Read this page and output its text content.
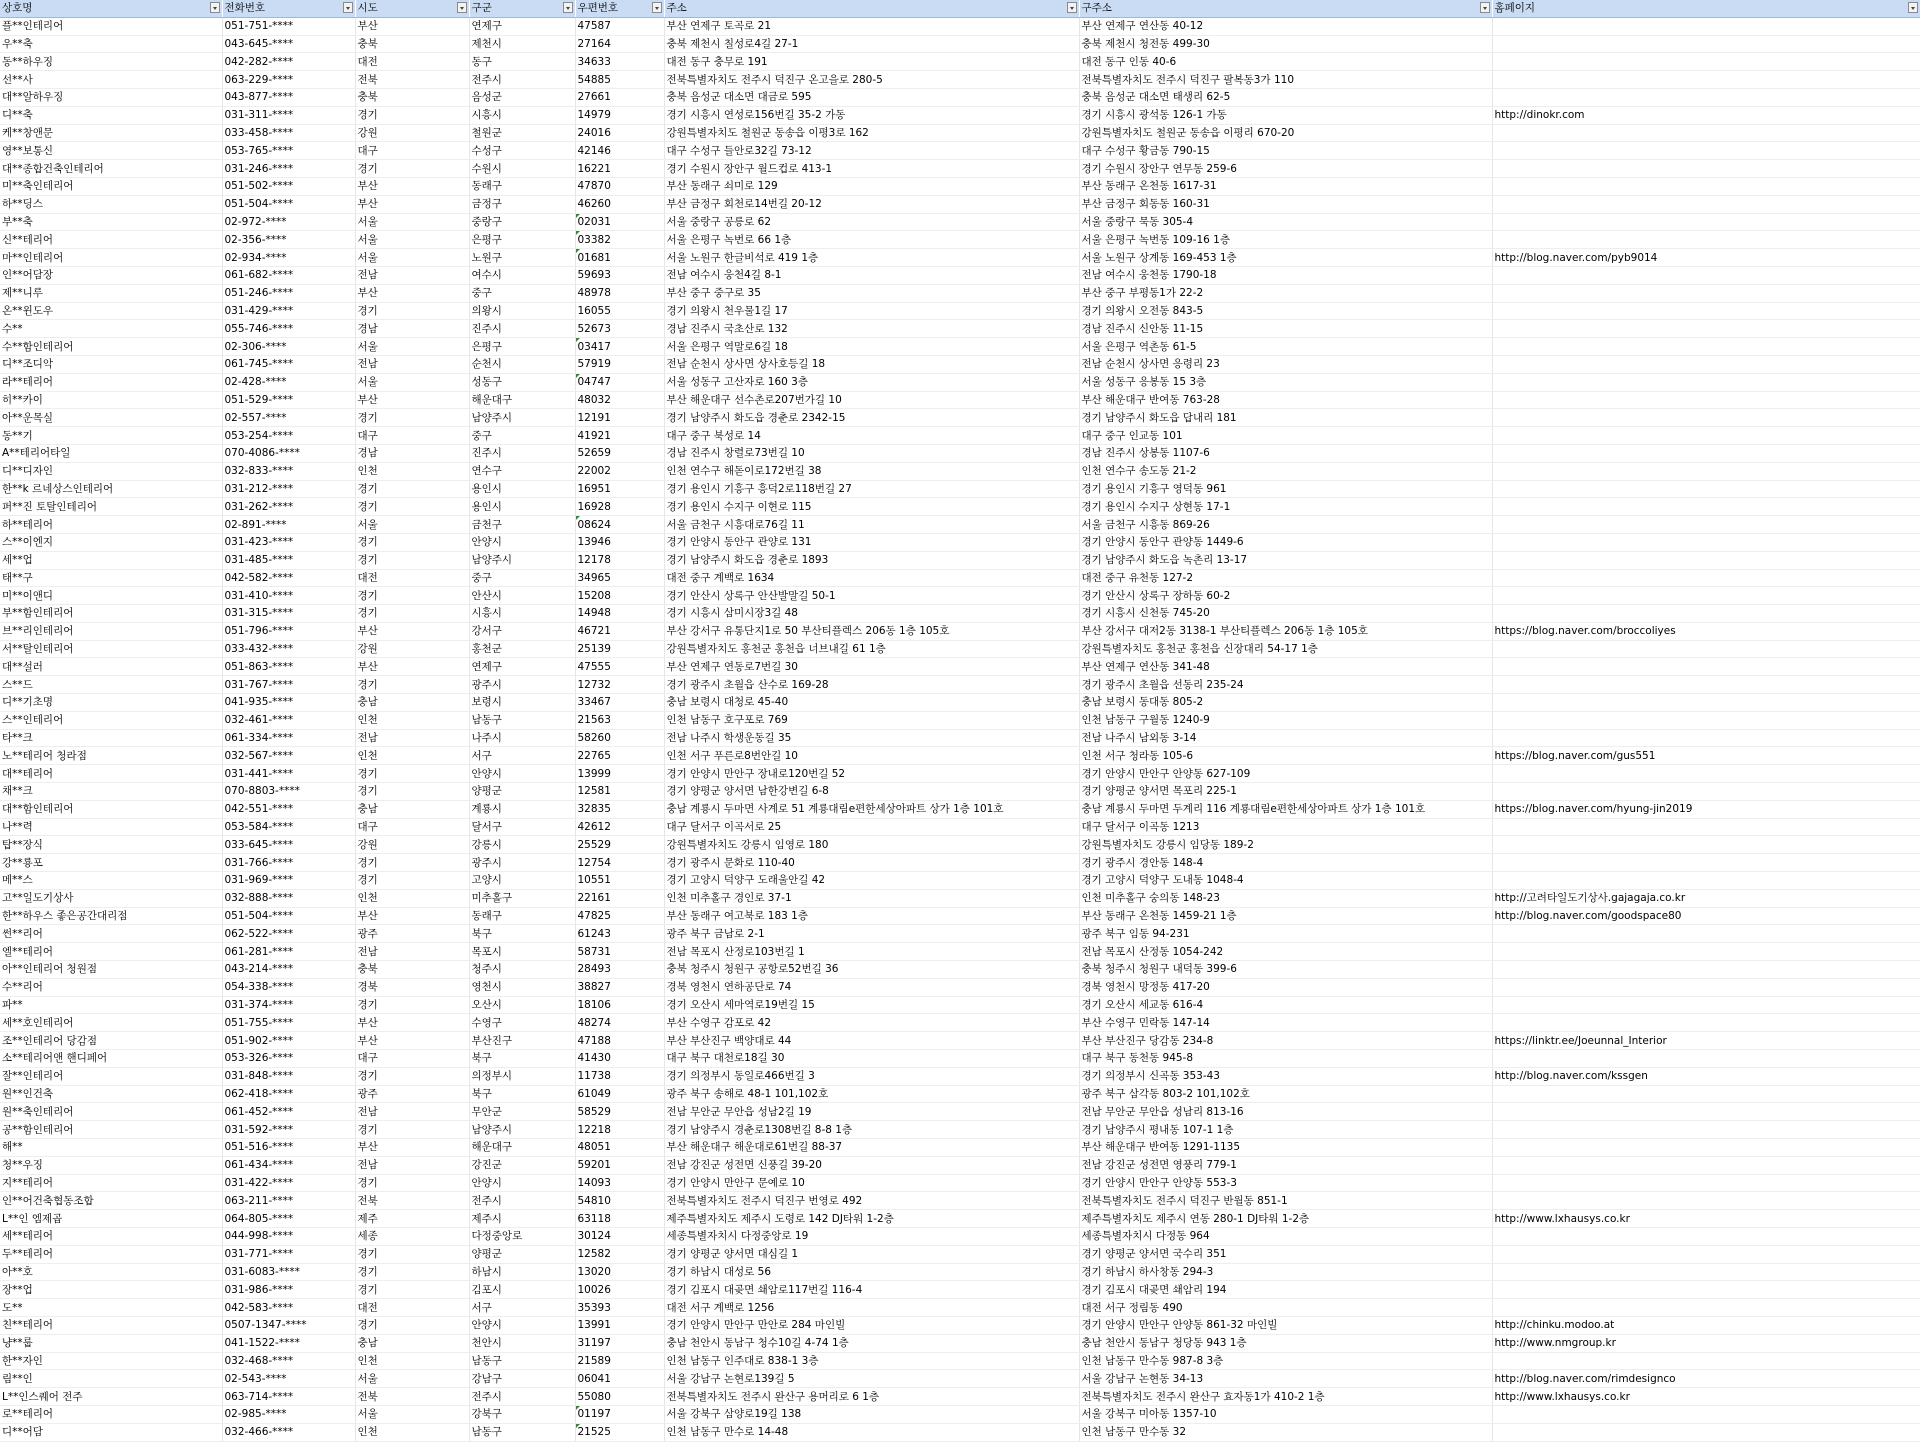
상호명	전화번호	시도	구군	우편번호	주소	구주소	홈페이지

플**인테리어	051-751-****	부산	연제구	47587	부산 연제구 토곡로 21	부산 연제구 연산동 40-12	
우**축	043-645-****	충북	제천시	27164	충북 제천시 칠성로4길 27-1	충북 제천시 청전동 499-30	
동**하우징	042-282-****	대전	동구	34633	대전 동구 충무로 191	대전 동구 인동 40-6	
선**사	063-229-****	전북	전주시	54885	전북특별자치도 전주시 덕진구 온고을로 280-5	전북특별자치도 전주시 덕진구 팔복동3가 110	
대**알하우징	043-877-****	충북	음성군	27661	충북 음성군 대소면 대금로 595	충북 음성군 대소면 태생리 62-5	
디**축	031-311-****	경기	시흥시	14979	경기 시흥시 연성로156번길 35-2 가동	경기 시흥시 광석동 126-1 가동	http://dinokr.com
케**창앤문	033-458-****	강원	철원군	24016	강원특별자치도 철원군 동송읍 이평3로 162	강원특별자치도 철원군 동송읍 이평리 670-20	
영**보통신	053-765-****	대구	수성구	42146	대구 수성구 들안로32길 73-12	대구 수성구 황금동 790-15	
대**종합건축인테리어	031-246-****	경기	수원시	16221	경기 수원시 장안구 월드컵로 413-1	경기 수원시 장안구 연무동 259-6	
미**축인테리어	051-502-****	부산	동래구	47870	부산 동래구 쇠미로 129	부산 동래구 온천동 1617-31	
하**딩스	051-504-****	부산	금정구	46260	부산 금정구 회천로14번길 20-12	부산 금정구 회동동 160-31	
부**축	02-972-****	서울	중랑구	02031	서울 중랑구 공릉로 62	서울 중랑구 묵동 305-4	
신**테리어	02-356-****	서울	은평구	03382	서울 은평구 녹번로 66 1층	서울 은평구 녹번동 109-16 1층	
마**인테리어	02-934-****	서울	노원구	01681	서울 노원구 한글비석로 419 1층	서울 노원구 상계동 169-453 1층	http://blog.naver.com/pyb9014
인**어담장	061-682-****	전남	여수시	59693	전남 여수시 웅천4길 8-1	전남 여수시 웅천동 1790-18	
제**니루	051-246-****	부산	중구	48978	부산 중구 중구로 35	부산 중구 부평동1가 22-2	
온**윈도우	031-429-****	경기	의왕시	16055	경기 의왕시 천우물1길 17	경기 의왕시 오전동 843-5	
수**	055-746-****	경남	진주시	52673	경남 진주시 국초산로 132	경남 진주시 신안동 11-15	
수**함인테리어	02-306-****	서울	은평구	03417	서울 은평구 역말로6길 18	서울 은평구 역촌동 61-5	
디**조디악	061-745-****	전남	순천시	57919	전남 순천시 상사면 상사호등길 18	전남 순천시 상사면 응령리 23	
라**테리어	02-428-****	서울	성동구	04747	서울 성동구 고산자로 160 3층	서울 성동구 응봉동 15 3층	
히**카이	051-529-****	부산	해운대구	48032	부산 해운대구 선수촌로207번가길 10	부산 해운대구 반여동 763-28	
아**운목실	02-557-****	경기	남양주시	12191	경기 남양주시 화도읍 경춘로 2342-15	경기 남양주시 화도읍 답내리 181	
동**기	053-254-****	대구	중구	41921	대구 중구 북성로 14	대구 중구 인교동 101	
A**테리어타일	070-4086-****	경남	진주시	52659	경남 진주시 창렬로73번길 10	경남 진주시 상봉동 1107-6	
디**디자인	032-833-****	인천	연수구	22002	인천 연수구 해돋이로172번길 38	인천 연수구 송도동 21-2	
한**k 르네상스인테리어	031-212-****	경기	용인시	16951	경기 용인시 기흥구 흥덕2로118번길 27	경기 용인시 기흥구 영덕동 961	
퍼**진 토탈인테리어	031-262-****	경기	용인시	16928	경기 용인시 수지구 이현로 115	경기 용인시 수지구 상현동 17-1	
하**테리어	02-891-****	서울	금천구	08624	서울 금천구 시흥대로76길 11	서울 금천구 시흥동 869-26	
스**이엔지	031-423-****	경기	안양시	13946	경기 안양시 동안구 관양로 131	경기 안양시 동안구 관양동 1449-6	
세**업	031-485-****	경기	남양주시	12178	경기 남양주시 화도읍 경춘로 1893	경기 남양주시 화도읍 녹촌리 13-17	
태**구	042-582-****	대전	중구	34965	대전 중구 계백로 1634	대전 중구 유천동 127-2	
미**이앤디	031-410-****	경기	안산시	15208	경기 안산시 상록구 안산발말길 50-1	경기 안산시 상록구 장하동 60-2	
부**함인테리어	031-315-****	경기	시흥시	14948	경기 시흥시 삼미시장3길 48	경기 시흥시 신천동 745-20	
브**리인테리어	051-796-****	부산	강서구	46721	부산 강서구 유통단지1로 50 부산티플렉스 206동 1층 105호	부산 강서구 대저2동 3138-1 부산티플렉스 206동 1층 105호	https://blog.naver.com/broccoliyes
서**탈인테리어	033-432-****	강원	홍천군	25139	강원특별자치도 홍천군 홍천읍 너브내길 61 1층	강원특별자치도 홍천군 홍천읍 신장대리 54-17 1층	
대**설러	051-863-****	부산	연제구	47555	부산 연제구 연동로7번길 30	부산 연제구 연산동 341-48	
스**드	031-767-****	경기	광주시	12732	경기 광주시 초월읍 산수로 169-28	경기 광주시 초월읍 선동리 235-24	
디**기초명	041-935-****	충남	보령시	33467	충남 보령시 대청로 45-40	충남 보령시 동대동 805-2	
스**인테리어	032-461-****	인천	남동구	21563	인천 남동구 호구포로 769	인천 남동구 구월동 1240-9	
타**크	061-334-****	전남	나주시	58260	전남 나주시 학생운동길 35	전남 나주시 남외동 3-14	
노**테리어 청라점	032-567-****	인천	서구	22765	인천 서구 푸른로8번안길 10	인천 서구 청라동 105-6	https://blog.naver.com/gus551
대**테리어	031-441-****	경기	안양시	13999	경기 안양시 만안구 장내로120번길 52	경기 안양시 만안구 안양동 627-109	
채**크	070-8803-****	경기	양평군	12581	경기 양평군 양서면 남한강변길 6-8	경기 양평군 양서면 목포리 225-1	
대**함인테리어	042-551-****	충남	계룡시	32835	충남 계룡시 두마면 사계로 51 계룡대림e편한세상아파트 상가 1층 101호	충남 계룡시 두마면 두계리 116 계룡대림e편한세상아파트 상가 1층 101호	https://blog.naver.com/hyung-jin2019
나**력	053-584-****	대구	달서구	42612	대구 달서구 이곡서로 25	대구 달서구 이곡동 1213	
탑**장식	033-645-****	강원	강릉시	25529	강원특별자치도 강릉시 임영로 180	강원특별자치도 강릉시 임당동 189-2	
강**룡포	031-766-****	경기	광주시	12754	경기 광주시 문화로 110-40	경기 광주시 경안동 148-4	
메**스	031-969-****	경기	고양시	10551	경기 고양시 덕양구 도래울안길 42	경기 고양시 덕양구 도내동 1048-4	
고**일도기상사	032-888-****	인천	미추홀구	22161	인천 미추홀구 경인로 37-1	인천 미추홀구 숭의동 148-23	http://고려타일도기상사.gajagaja.co.kr
한**하우스 좋은공간대리점	051-504-****	부산	동래구	47825	부산 동래구 여고북로 183 1층	부산 동래구 온천동 1459-21 1층	http://blog.naver.com/goodspace80
썬**리어	062-522-****	광주	북구	61243	광주 북구 금남로 2-1	광주 북구 임동 94-231	
엘**테리어	061-281-****	전남	목포시	58731	전남 목포시 산정로103번길 1	전남 목포시 산정동 1054-242	
아**인테리어 청원점	043-214-****	충북	청주시	28493	충북 청주시 청원구 공항로52번길 36	충북 청주시 청원구 내덕동 399-6	
수**리어	054-338-****	경북	영천시	38827	경북 영천시 연하공단로 74	경북 영천시 망정동 417-20	
파**	031-374-****	경기	오산시	18106	경기 오산시 세마역로19번길 15	경기 오산시 세교동 616-4	
세**호인테리어	051-755-****	부산	수영구	48274	부산 수영구 감포로 42	부산 수영구 민락동 147-14	
조**인테리어 당감점	051-902-****	부산	부산진구	47188	부산 부산진구 백양대로 44	부산 부산진구 당감동 234-8	https://linktr.ee/Joeunnal_Interior
소**테리어앤 핸디페어	053-326-****	대구	북구	41430	대구 북구 대천로18길 30	대구 북구 동천동 945-8	
잘**인테리어	031-848-****	경기	의정부시	11738	경기 의정부시 동일로466번길 3	경기 의정부시 신곡동 353-43	http://blog.naver.com/kssgen
원**인건축	062-418-****	광주	북구	61049	광주 북구 송해로 48-1 101,102호	광주 북구 삼각동 803-2 101,102호	
원**축인테리어	061-452-****	전남	무안군	58529	전남 무안군 무안읍 성남2길 19	전남 무안군 무안읍 성남리 813-16	
공**함인테리어	031-592-****	경기	남양주시	12218	경기 남양주시 경춘로1308번길 8-8 1층	경기 남양주시 평내동 107-1 1층	
해**	051-516-****	부산	해운대구	48051	부산 해운대구 해운대로61번길 88-37	부산 해운대구 반여동 1291-1135	
청**우징	061-434-****	전남	강진군	59201	전남 강진군 성전면 신풍길 39-20	전남 강진군 성전면 영풍리 779-1	
지**테리어	031-422-****	경기	안양시	14093	경기 안양시 만안구 문예로 10	경기 안양시 만안구 안양동 553-3	
인**어건축협동조합	063-211-****	전북	전주시	54810	전북특별자치도 전주시 덕진구 번영로 492	전북특별자치도 전주시 덕진구 반월동 851-1	
L**인 엠제곱	064-805-****	제주	제주시	63118	제주특별자치도 제주시 도령로 142 DJ타워 1-2층	제주특별자치도 제주시 연동 280-1 DJ타워 1-2층	http://www.lxhausys.co.kr
세**테리어	044-998-****	세종	다정중앙로	30124	세종특별자치시 다정중앙로 19	세종특별자치시 다정동 964	
두**테리어	031-771-****	경기	양평군	12582	경기 양평군 양서면 대심길 1	경기 양평군 양서면 국수리 351	
아**호	031-6083-****	경기	하남시	13020	경기 하남시 대성로 56	경기 하남시 하사창동 294-3	
장**업	031-986-****	경기	김포시	10026	경기 김포시 대곶면 쇄암로117번길 116-4	경기 김포시 대곶면 쇄암리 194	
도**	042-583-****	대전	서구	35393	대전 서구 계백로 1256	대전 서구 정림동 490	
친**테리어	0507-1347-****	경기	안양시	13991	경기 안양시 만안구 만안로 284 마인빌	경기 안양시 만안구 안양동 861-32 마인빌	http://chinku.modoo.at
냥**룹	041-1522-****	충남	천안시	31197	충남 천안시 동남구 청수10길 4-74 1층	충남 천안시 동남구 청당동 943 1층	http://www.nmgroup.kr
한**자인	032-468-****	인천	남동구	21589	인천 남동구 인주대로 838-1 3층	인천 남동구 만수동 987-8 3층	
림**인	02-543-****	서울	강남구	06041	서울 강남구 논현로139길 5	서울 강남구 논현동 34-13	http://blog.naver.com/rimdesignco
L**인스퀘어 전주	063-714-****	전북	전주시	55080	전북특별자치도 전주시 완산구 용머리로 6 1층	전북특별자치도 전주시 완산구 효자동1가 410-2 1층	http://www.lxhausys.co.kr
로**테리어	02-985-****	서울	강북구	01197	서울 강북구 삼양로19길 138	서울 강북구 미아동 1357-10	
디**어담	032-466-****	인천	남동구	21525	인천 남동구 만수로 14-48	인천 남동구 만수동 32	
